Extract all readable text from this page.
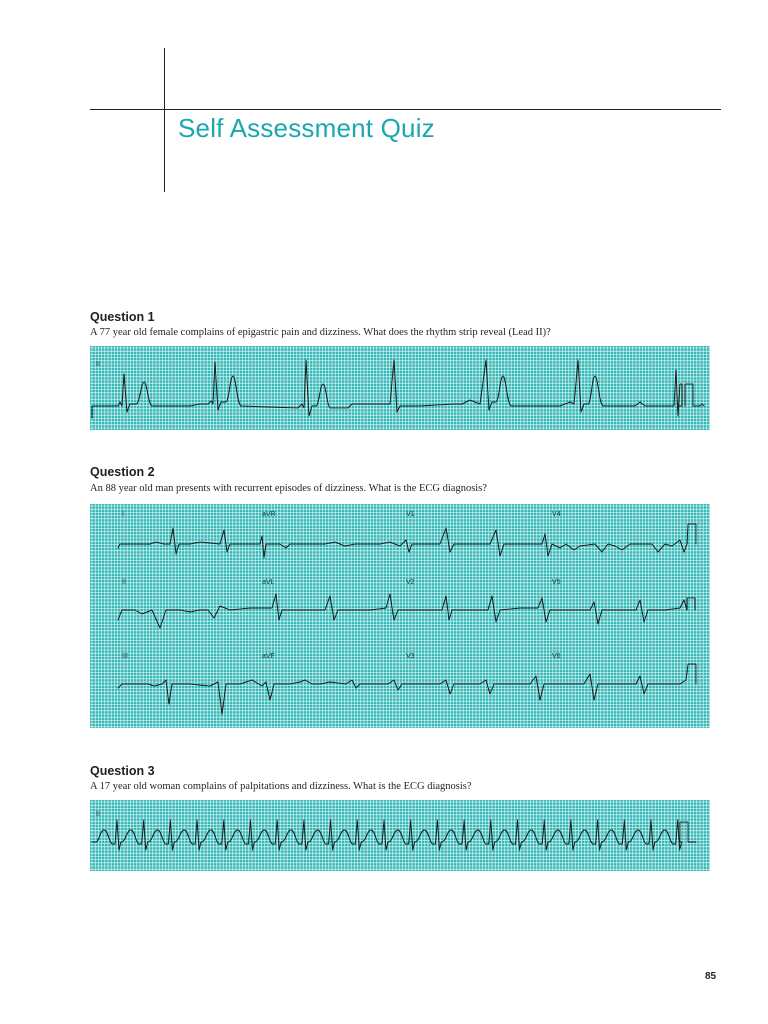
Self Assessment Quiz
Question 1

A 77 year old female complains of epigastric pain and dizziness. What does the rhythm strip reveal (Lead II)?

II
Question 2

An 88 year old man presents with recurrent episodes of dizziness. What is the ECG diagnosis?

I	aVR	V1	V4
II	aVL	V2	V5
III	aVF	V3	V6
Question 3

A 17 year old woman complains of palpitations and dizziness. What is the ECG diagnosis?

II

85
